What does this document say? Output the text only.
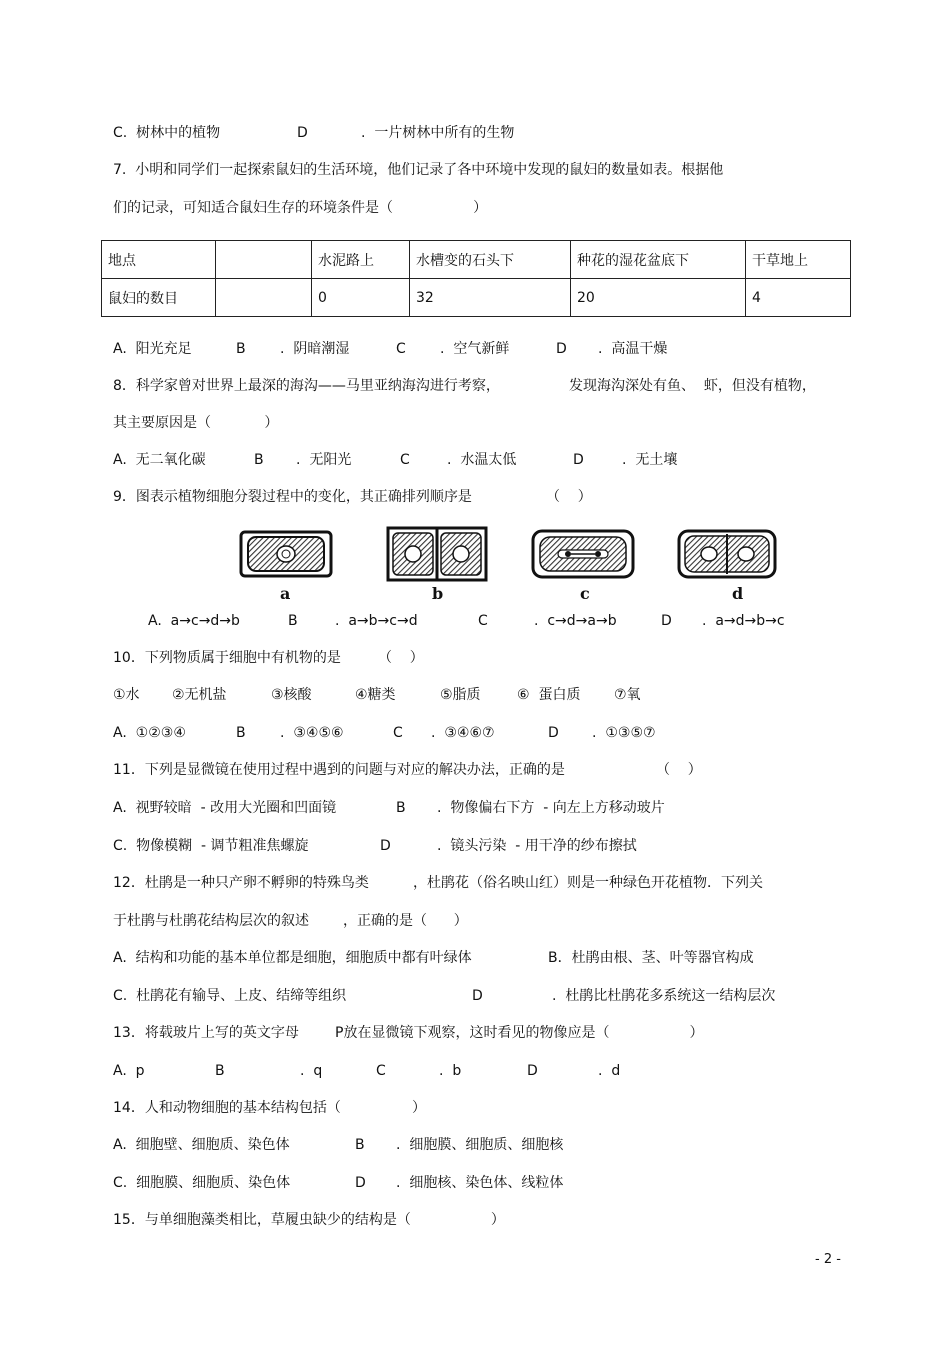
C.  树林中的植物	D	.  一片树林中所有的生物
7.  小明和同学们一起探索鼠妇的生活环境，他们记录了各中环境中发现的鼠妇的数量如表。根据他
们的记录，可知适合鼠妇生存的环境条件是（                  ）
地点		水泥路上	水槽变的石头下	种花的湿花盆底下	干草地上
鼠妇的数目		0	32	20	4
A.  阳光充足	B .  阴暗潮湿	C .  空气新鲜	D .  高温干燥
8．科学家曾对世界上最深的海沟——马里亚纳海沟进行考察，	发现海沟深处有鱼、  虾，但没有植物，
其主要原因是（            ）
A.  无二氧化碳	B .  无阳光	C	.  水温太低	D	.  无土壤
9．图表示植物细胞分裂过程中的变化，其正确排列顺序是	（    ）
a	b	c	d
A.  a→c→d→b	B	.  a→b→c→d	C	.  c→d→a→b	D .  a→d→b→c
10．下列物质属于细胞中有机物的是	（    ）
①水 ②无机盐	③核酸	④糖类	⑤脂质	⑥  蛋白质 ⑦氧
A.  ①②③④	B .  ③④⑤⑥	C .  ③④⑥⑦	D .  ①③⑤⑦
11．下列是显微镜在使用过程中遇到的问题与对应的解决办法，正确的是	（    ）
A.  视野较暗  - 改用大光圈和凹面镜	B .  物像偏右下方  - 向左上方移动玻片
C.  物像模糊  - 调节粗准焦螺旋	D	.  镜头污染  - 用干净的纱布擦拭
12．杜鹃是一种只产卵不孵卵的特殊鸟类	，杜鹃花（俗名映山红）则是一种绿色开花植物．下列关
于杜鹃与杜鹃花结构层次的叙述 ，正确的是（      ）
A.  结构和功能的基本单位都是细胞，细胞质中都有叶绿体	B．杜鹃由根、茎、叶等器官构成
C.  杜鹃花有输导、上皮、结缔等组织	D	.  杜鹃比杜鹃花多系统这一结构层次
13．将载玻片上写的英文字母	P放在显微镜下观察，这时看见的物像应是（                  ）
A.  p	B	.  q	C	.  b	D	.  d
14．人和动物细胞的基本结构包括（                ）
A.  细胞壁、细胞质、染色体	B .  细胞膜、细胞质、细胞核
C.  细胞膜、细胞质、染色体	D .  细胞核、染色体、线粒体
15．与单细胞藻类相比，草履虫缺少的结构是（                  ）
- 2 -
